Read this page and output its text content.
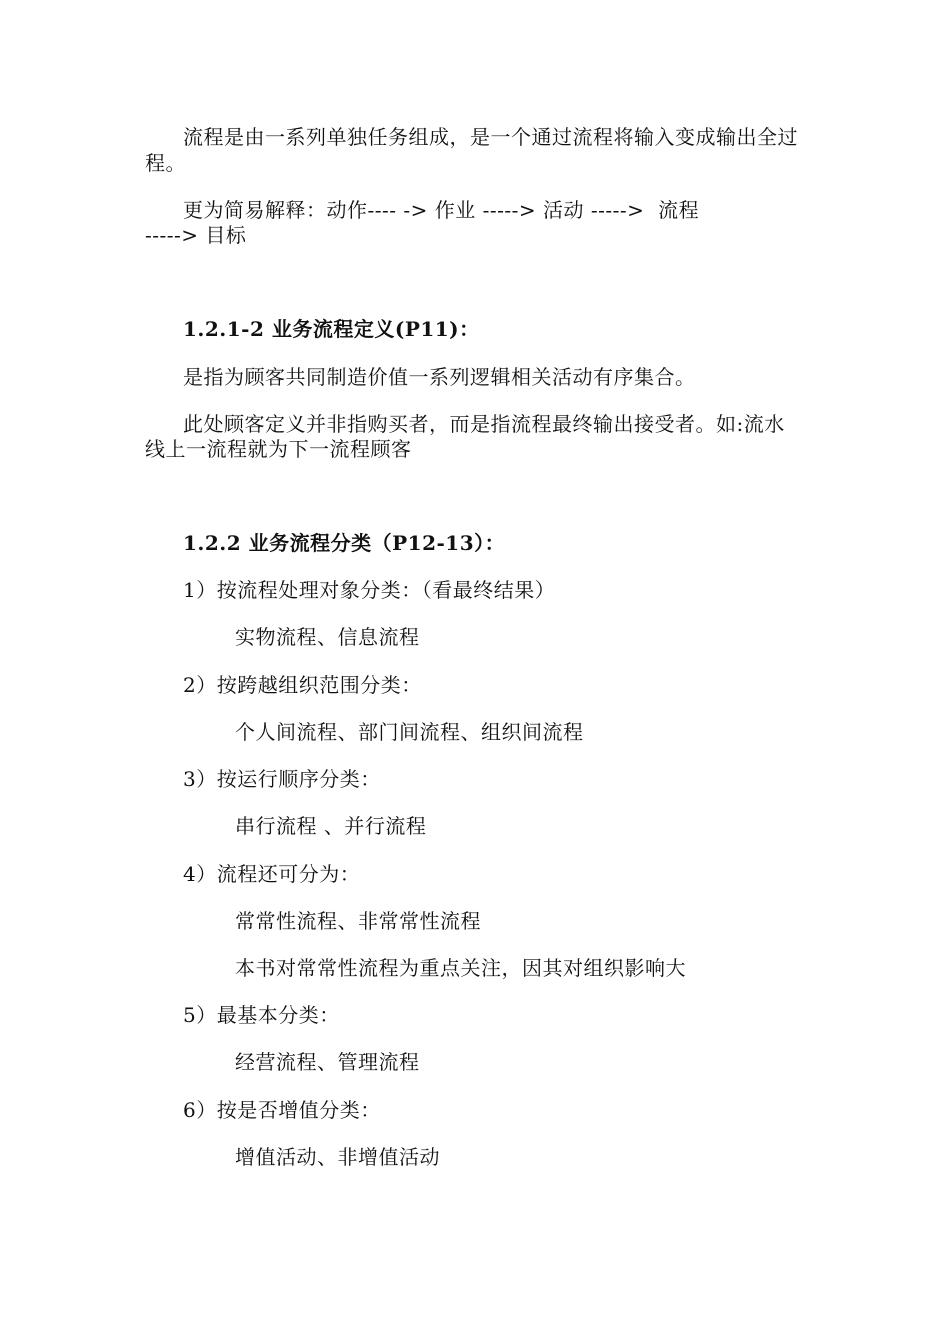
流程是由一系列单独任务组成，是一个通过流程将输入变成输出全过
程。
更为简易解释：动作---- -> 作业 -----> 活动 ----->  流程
-----> 目标
1.2.1-2 业务流程定义(P11)：
是指为顾客共同制造价值一系列逻辑相关活动有序集合。
此处顾客定义并非指购买者，而是指流程最终输出接受者。如:流水
线上一流程就为下一流程顾客
1.2.2 业务流程分类（P12-13）：
1）按流程处理对象分类：（看最终结果）
实物流程、信息流程
2）按跨越组织范围分类：
个人间流程、部门间流程、组织间流程
3）按运行顺序分类：
串行流程 、并行流程
4）流程还可分为：
常常性流程、非常常性流程
本书对常常性流程为重点关注，因其对组织影响大
5）最基本分类：
经营流程、管理流程
6）按是否增值分类：
增值活动、非增值活动
